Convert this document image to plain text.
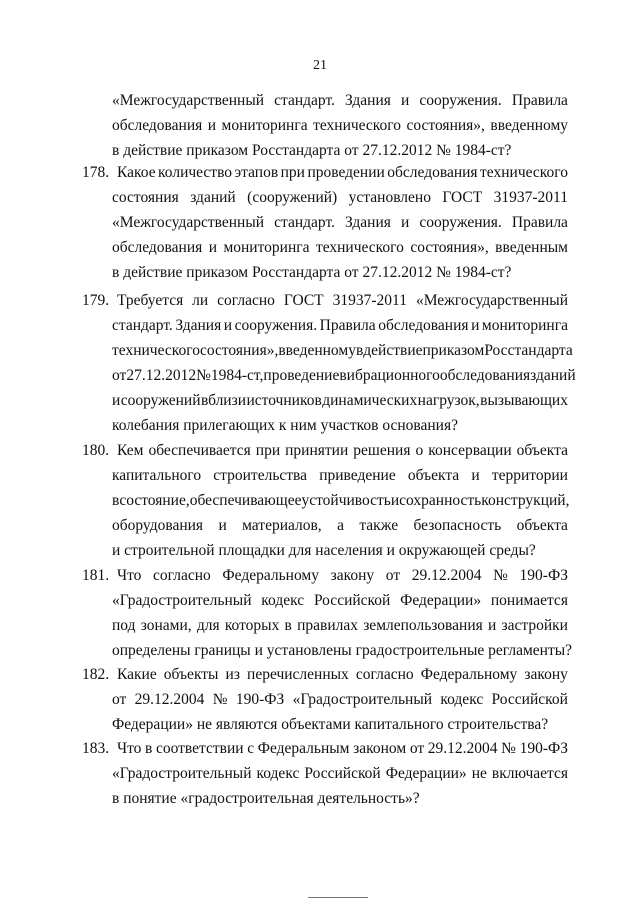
21
«Межгосударственный стандарт. Здания и сооружения. Правила
обследования и мониторинга технического состояния», введенному
в действие приказом Росстандарта от 27.12.2012 № 1984-ст?
178. Какое количество этапов при проведении обследования технического
состояния зданий (сооружений) установлено ГОСТ 31937-2011
«Межгосударственный стандарт. Здания и сооружения. Правила
обследования и мониторинга технического состояния», введенным
в действие приказом Росстандарта от 27.12.2012 № 1984-ст?
179. Требуется ли согласно ГОСТ 31937-2011 «Межгосударственный
стандарт. Здания и сооружения. Правила обследования и мониторинга
технического состояния», введенному в действие приказом Росстандарта
от 27.12.2012 № 1984-ст, проведение вибрационного обследования зданий
и сооружений вблизи источников динамических нагрузок, вызывающих
колебания прилегающих к ним участков основания?
180. Кем обеспечивается при принятии решения о консервации объекта
капитального строительства приведение объекта и территории
в состояние, обеспечивающее устойчивость и сохранность конструкций,
оборудования и материалов, а также безопасность объекта
и строительной площадки для населения и окружающей среды?
181. Что согласно Федеральному закону от 29.12.2004 № 190-ФЗ
«Градостроительный кодекс Российской Федерации» понимается
под зонами, для которых в правилах землепользования и застройки
определены границы и установлены градостроительные регламенты?
182. Какие объекты из перечисленных согласно Федеральному закону
от 29.12.2004 № 190-ФЗ «Градостроительный кодекс Российской
Федерации» не являются объектами капитального строительства?
183. Что в соответствии с Федеральным законом от 29.12.2004 № 190-ФЗ
«Градостроительный кодекс Российской Федерации» не включается
в понятие «градостроительная деятельность»?
